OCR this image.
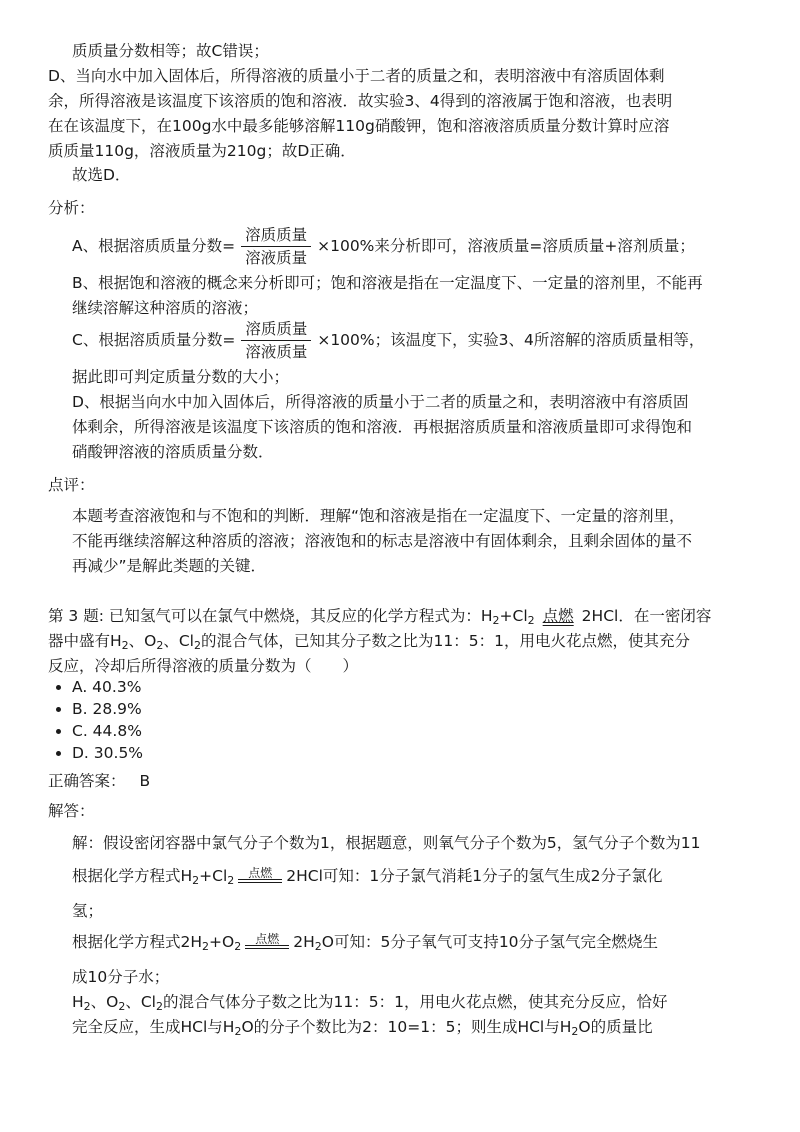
质质量分数相等；故C错误；
D、当向水中加入固体后，所得溶液的质量小于二者的质量之和，表明溶液中有溶质固体剩
余，所得溶液是该温度下该溶质的饱和溶液．故实验3、4得到的溶液属于饱和溶液，也表明
在在该温度下，在100g水中最多能够溶解110g硝酸钾，饱和溶液溶质质量分数计算时应溶
质质量110g，溶液质量为210g；故D正确．
故选D．
分析：
A、根据溶质质量分数= $\frac{\text{溶质质量}}{\text{溶液质量}} \times 100\%$来分析即可，溶液质量=溶质质量+溶剂质量；
B、根据饱和溶液的概念来分析即可；饱和溶液是指在一定温度下、一定量的溶剂里，不能再
继续溶解这种溶质的溶液；
C、根据溶质质量分数= $\frac{\text{溶质质量}}{\text{溶液质量}} \times 100\%$；该温度下，实验3、4所溶解的溶质质量相等，
据此即可判定质量分数的大小；
D、根据当向水中加入固体后，所得溶液的质量小于二者的质量之和，表明溶液中有溶质固
体剩余，所得溶液是该温度下该溶质的饱和溶液．再根据溶质质量和溶液质量即可求得饱和
硝酸钾溶液的溶质质量分数．
点评：
本题考查溶液饱和与不饱和的判断．理解“饱和溶液是指在一定温度下、一定量的溶剂里，
不能再继续溶解这种溶质的溶液；溶液饱和的标志是溶液中有固体剩余，且剩余固体的量不
再减少”是解此类题的关键．
第 3 题: 已知氢气可以在氯气中燃烧，其反应的化学方程式为：$H_2+Cl_2$ 点燃 2HCl．在一密闭容
器中盛有$H_2$、$O_2$、$Cl_2$的混合气体，已知其分子数之比为11：5：1，用电火花点燃，使其充分
反应，冷却后所得溶液的质量分数为（　　）
• A. 40.3%
• B. 28.9%
• C. 44.8%
• D. 30.5%
正确答案： B
解答：
解：假设密闭容器中氯气分子个数为1，根据题意，则氧气分子个数为5，氢气分子个数为11
根据化学方程式$H_2+Cl_2$
点燃 2HCl可知：1分子氯气消耗1分子的氢气生成2分子氯化
氢；
根据化学方程式$2H_2+O_2$
点燃 $2H_2O$可知：5分子氧气可支持10分子氢气完全燃烧生
成10分子水；
$H_2$、$O_2$、$Cl_2$的混合气体分子数之比为11：5：1，用电火花点燃，使其充分反应，恰好
完全反应，生成HCl与$H_2O$的分子个数比为2：10=1：5；则生成HCl与$H_2O$的质量比
